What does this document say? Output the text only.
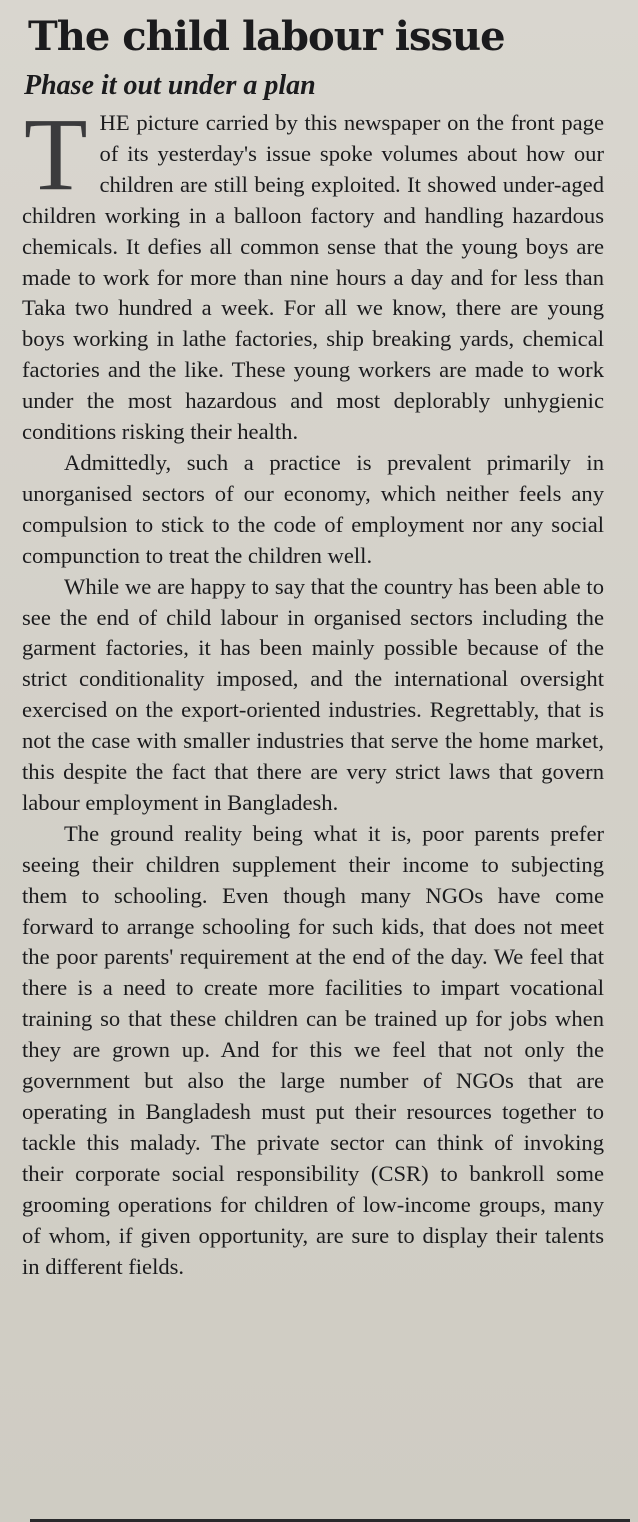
The child labour issue
Phase it out under a plan

THE picture carried by this newspaper on the front page of its yesterday's issue spoke volumes about how our children are still being exploited. It showed under-aged children working in a balloon factory and handling hazardous chemicals. It defies all common sense that the young boys are made to work for more than nine hours a day and for less than Taka two hundred a week. For all we know, there are young boys working in lathe factories, ship breaking yards, chemical factories and the like. These young workers are made to work under the most hazardous and most deplorably unhygienic conditions risking their health.

Admittedly, such a practice is prevalent primarily in unorganised sectors of our economy, which neither feels any compulsion to stick to the code of employment nor any social compunction to treat the children well.

While we are happy to say that the country has been able to see the end of child labour in organised sectors including the garment factories, it has been mainly possible because of the strict conditionality imposed, and the international oversight exercised on the export-oriented industries. Regrettably, that is not the case with smaller industries that serve the home market, this despite the fact that there are very strict laws that govern labour employment in Bangladesh.

The ground reality being what it is, poor parents prefer seeing their children supplement their income to subjecting them to schooling. Even though many NGOs have come forward to arrange schooling for such kids, that does not meet the poor parents' requirement at the end of the day. We feel that there is a need to create more facilities to impart vocational training so that these children can be trained up for jobs when they are grown up. And for this we feel that not only the government but also the large number of NGOs that are operating in Bangladesh must put their resources together to tackle this malady. The private sector can think of invoking their corporate social responsibility (CSR) to bankroll some grooming operations for children of low-income groups, many of whom, if given opportunity, are sure to display their talents in different fields.
